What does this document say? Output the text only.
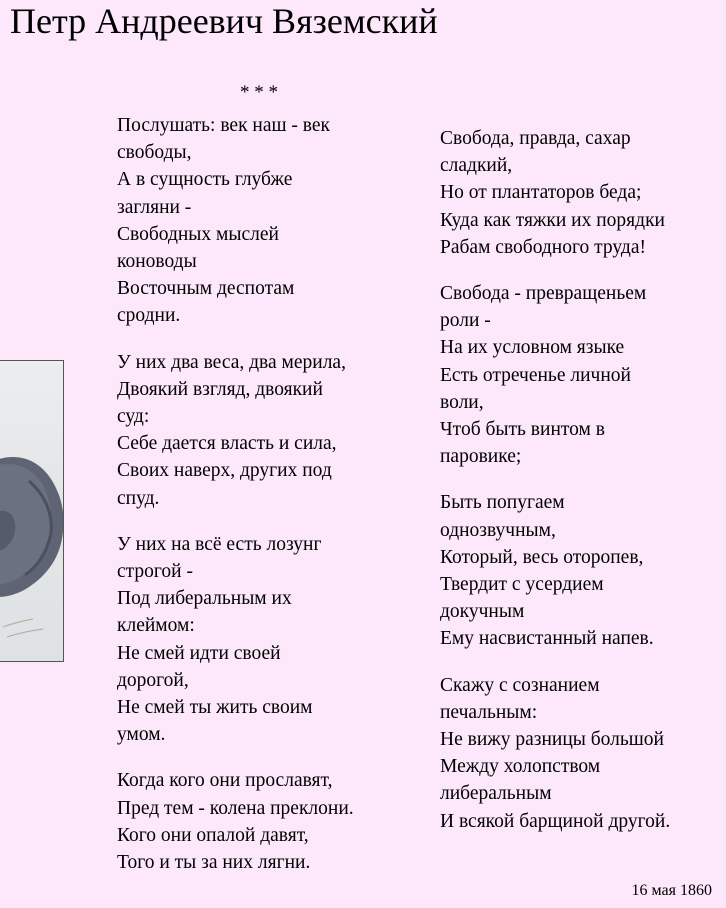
Петр Андреевич Вяземский
* * *
Послушать: век наш - век
свободы,
А в сущность глубже
загляни -
Свободных мыслей
коноводы
Восточным деспотам
сродни.
У них два веса, два мерила,
Двоякий взгляд, двоякий
суд:
Себе дается власть и сила,
Своих наверх, других под
спуд.
У них на всё есть лозунг
строгой -
Под либеральным их
клеймом:
Не смей идти своей
дорогой,
Не смей ты жить своим
умом.
Когда кого они прославят,
Пред тем - колена преклони.
Кого они опалой давят,
Того и ты за них лягни.
Свобода, правда, сахар
сладкий,
Но от плантаторов беда;
Куда как тяжки их порядки
Рабам свободного труда!
Свобода - превращеньем
роли -
На их условном языке
Есть отреченье личной
воли,
Чтоб быть винтом в
паровике;
Быть попугаем
однозвучным,
Который, весь оторопев,
Твердит с усердием
докучным
Ему насвистанный напев.
Скажу с сознанием
печальным:
Не вижу разницы большой
Между холопством
либеральным
И всякой барщиной другой.
16 мая 1860
